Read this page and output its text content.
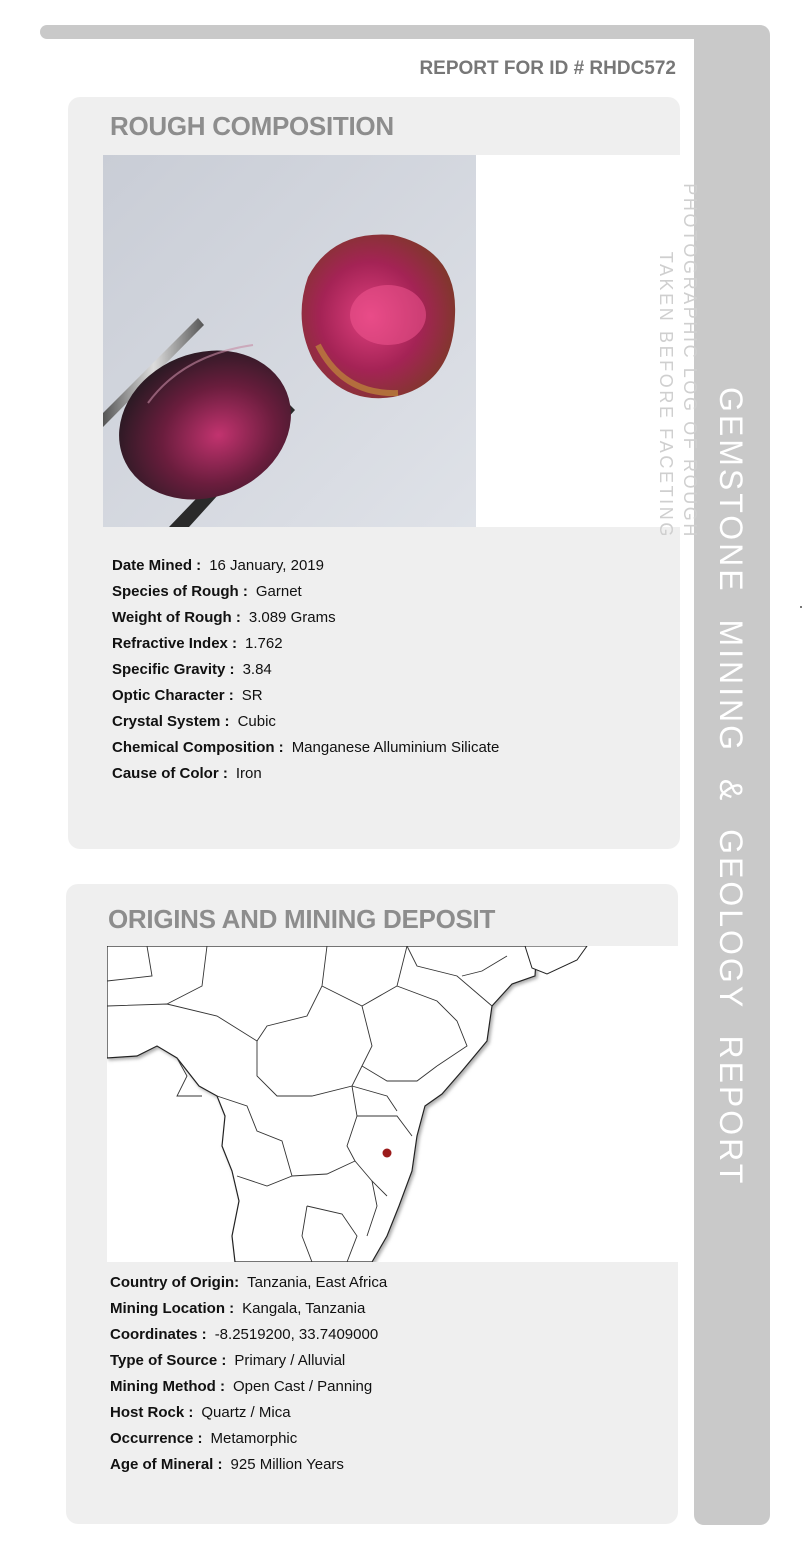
GEMSTONE MINING & GEOLOGY REPORT
REPORT FOR ID # RHDC572
ROUGH COMPOSITION
PHOTOGRAPHIC LOG OF ROUGH
TAKEN BEFORE FACETING
Date Mined : 16 January, 2019
Species of Rough : Garnet
Weight of Rough : 3.089 Grams
Refractive Index : 1.762
Specific Gravity : 3.84
Optic Character : SR
Crystal System : Cubic
Chemical Composition : Manganese Alluminium Silicate
Cause of Color : Iron
ORIGINS AND MINING DEPOSIT
Country of Origin: Tanzania, East Africa
Mining Location : Kangala, Tanzania
Coordinates : -8.2519200, 33.7409000
Type of Source : Primary / Alluvial
Mining Method : Open Cast / Panning
Host Rock : Quartz / Mica
Occurrence : Metamorphic
Age of Mineral : 925 Million Years
